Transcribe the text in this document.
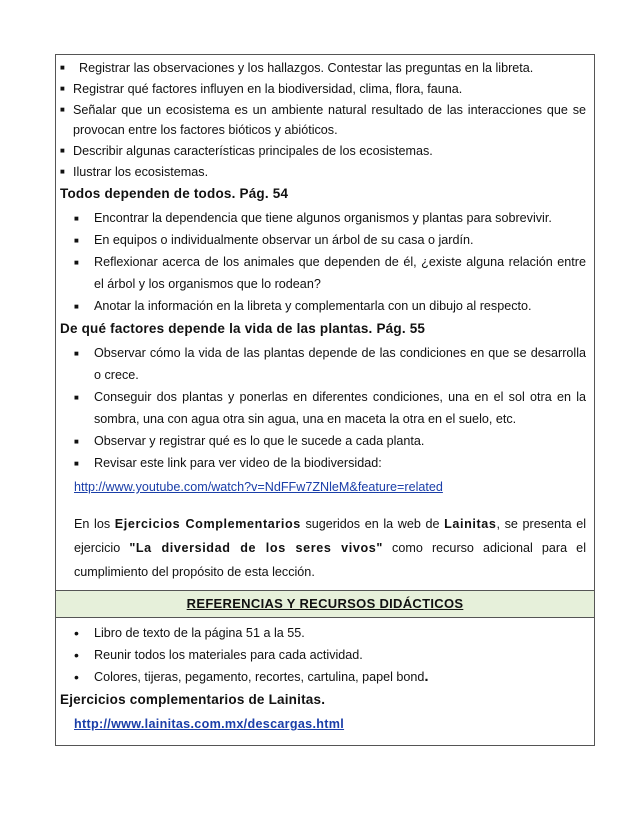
■ Registrar las observaciones y los hallazgos. Contestar las preguntas en la libreta.
■ Registrar qué factores influyen en la biodiversidad, clima, flora, fauna.
■ Señalar que un ecosistema es un ambiente natural resultado de las interacciones que se provocan entre los factores bióticos y abióticos.
■ Describir algunas características principales de los ecosistemas.
■ Ilustrar los ecosistemas.
Todos dependen de todos. Pág. 54
■ Encontrar la dependencia que tiene algunos organismos y plantas para sobrevivir.
■ En equipos o individualmente observar un árbol de su casa o jardín.
■ Reflexionar acerca de los animales que dependen de él, ¿existe alguna relación entre el árbol y los organismos que lo rodean?
■ Anotar la información en la libreta y complementarla con un dibujo al respecto.
De qué factores depende la vida de las plantas. Pág. 55
■ Observar cómo la vida de las plantas depende de las condiciones en que se desarrolla o crece.
■ Conseguir dos plantas y ponerlas en diferentes condiciones, una en el sol otra en la sombra, una con agua otra sin agua, una en maceta la otra en el suelo, etc.
■ Observar y registrar qué es lo que le sucede a cada planta.
■ Revisar este link para ver video de la biodiversidad:
http://www.youtube.com/watch?v=NdFFw7ZNleM&feature=related
En los Ejercicios Complementarios sugeridos en la web de Lainitas, se presenta el ejercicio "La diversidad de los seres vivos" como recurso adicional para el cumplimiento del propósito de esta lección.
REFERENCIAS Y RECURSOS DIDÁCTICOS
• Libro de texto de la página 51 a la 55.
• Reunir todos los materiales para cada actividad.
• Colores, tijeras, pegamento, recortes, cartulina, papel bond.
Ejercicios complementarios de Lainitas.
http://www.lainitas.com.mx/descargas.html
